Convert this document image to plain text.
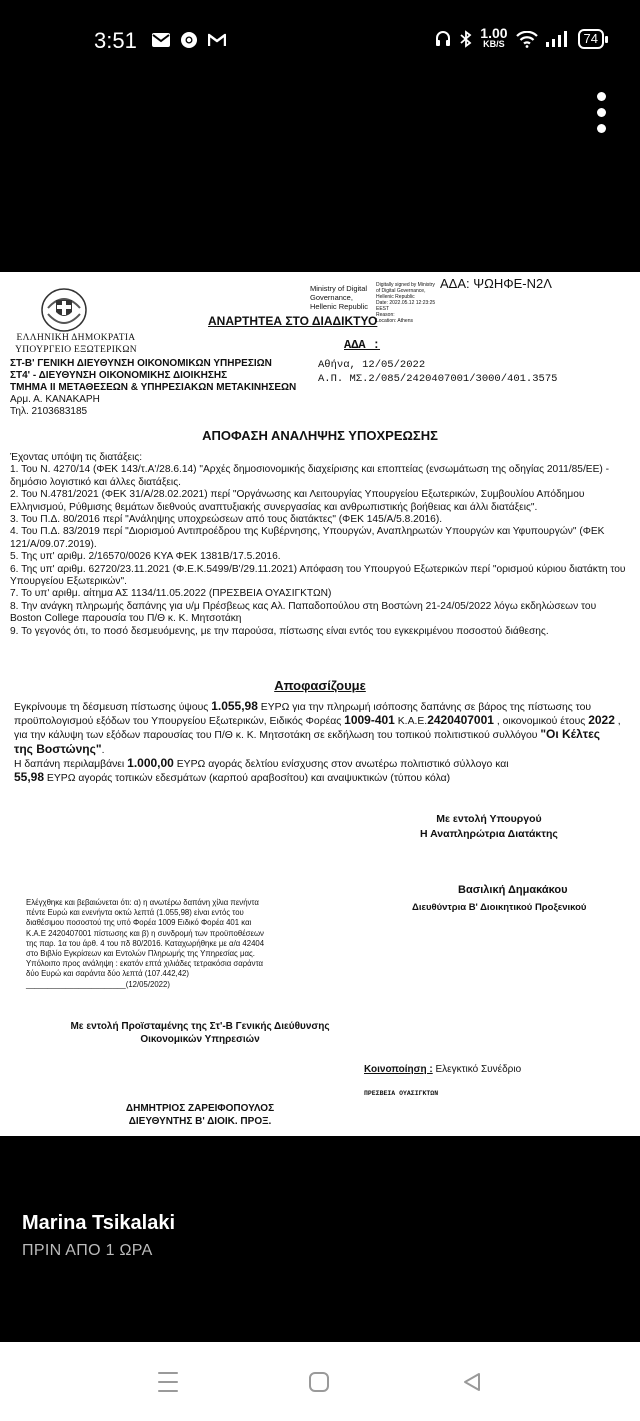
3:51	1.00
KB/S	74
ΑΔΑ: ΨΩΗΦΕ-Ν2Λ
ΕΛΛΗΝΙΚΗ ΔΗΜΟΚΡΑΤΙΑ
ΥΠΟΥΡΓΕΙΟ ΕΞΩΤΕΡΙΚΩΝ
Ministry of Digital
Governance,
Hellenic Republic
Digitally signed by Ministry
of Digital Governance,
Hellenic Republic
Date: 2022.05.12 12:23:25
EEST
Reason:
Location: Athens
ΑΝΑΡΤΗΤΕΑ ΣΤΟ ΔΙΑΔΙΚΤΥΟ
ΑΔΑ :
ΣΤ-Β' ΓΕΝΙΚΗ ΔΙΕΥΘΥΝΣΗ ΟΙΚΟΝΟΜΙΚΩΝ ΥΠΗΡΕΣΙΩΝ
ΣΤ4' - ΔΙΕΥΘΥΝΣΗ ΟΙΚΟΝΟΜΙΚΗΣ ΔΙΟΙΚΗΣΗΣ
ΤΜΗΜΑ ΙΙ ΜΕΤΑΘΕΣΕΩΝ & ΥΠΗΡΕΣΙΑΚΩΝ ΜΕΤΑΚΙΝΗΣΕΩΝ
Αρμ. Α. ΚΑΝΑΚΑΡΗ
Τηλ. 2103683185
Αθήνα, 12/05/2022
Α.Π. ΜΣ.2/085/2420407001/3000/401.3575
ΑΠΟΦΑΣΗ ΑΝΑΛΗΨΗΣ ΥΠΟΧΡΕΩΣΗΣ
Έχοντας υπόψη τις διατάξεις:
1. Του Ν. 4270/14 (ΦΕΚ 143/τ.Α'/28.6.14) "Αρχές δημοσιονομικής διαχείρισης και εποπτείας (ενσωμάτωση της οδηγίας 2011/85/ΕΕ) - δημόσιο λογιστικό και άλλες διατάξεις.
2. Του Ν.4781/2021 (ΦΕΚ 31/Α/28.02.2021) περί "Οργάνωσης και Λειτουργίας Υπουργείου Εξωτερικών, Συμβουλίου Απόδημου Ελληνισμού, Ρύθμισης θεμάτων διεθνούς αναπτυξιακής συνεργασίας και ανθρωπιστικής βοήθειας και άλλι διατάξεις".
3. Του Π.Δ. 80/2016 περί "Ανάληψης υποχρεώσεων από τους διατάκτες" (ΦΕΚ 145/Α/5.8.2016).
4. Του Π.Δ. 83/2019 περί "Διορισμού Αντιπροέδρου της Κυβέρνησης, Υπουργών, Αναπληρωτών Υπουργών και Υφυπουργών" (ΦΕΚ 121/Α/09.07.2019).
5. Της υπ' αριθμ. 2/16570/0026 ΚΥΑ ΦΕΚ 1381Β/17.5.2016.
6. Της υπ' αριθμ. 62720/23.11.2021 (Φ.Ε.Κ.5499/Β'/29.11.2021) Απόφαση του Υπουργού Εξωτερικών περί "ορισμού κύριου διατάκτη του Υπουργείου Εξωτερικών".
7. Το υπ' αριθμ. αίτημα ΑΣ 1134/11.05.2022 (ΠΡΕΣΒΕΙΑ ΟΥΑΣΙΓΚΤΩΝ)
8. Την ανάγκη πληρωμής δαπάνης για υ/μ Πρέσβεως κας Αλ. Παπαδοπούλου στη Βοστώνη 21-24/05/2022 λόγω εκδηλώσεων του Boston College παρουσία του Π/Θ κ. Κ. Μητσοτάκη
9. Το γεγονός ότι, το ποσό δεσμευόμενης, με την παρούσα, πίστωσης είναι εντός του εγκεκριμένου ποσοστού διάθεσης.
Αποφασίζουμε

Εγκρίνουμε τη δέσμευση πίστωσης ύψους 1.055,98 ΕΥΡΩ για την πληρωμή ισόποσης δαπάνης σε βάρος της πίστωσης του προϋπολογισμού εξόδων του Υπουργείου Εξωτερικών, Ειδικός Φορέας 1009-401 Κ.Α.Ε.2420407001 , οικονομικού έτους 2022 , για την κάλυψη των εξόδων παρουσίας του Π/Θ κ. Κ. Μητσοτάκη σε εκδήλωση του τοπικού πολιτιστικού συλλόγου "Οι Κέλτες της Βοστώνης".

Η δαπάνη περιλαμβάνει 1.000,00 ΕΥΡΩ αγοράς δελτίου ενίσχυσης στον ανωτέρω πολιτιστικό σύλλογο και
55,98 ΕΥΡΩ αγοράς τοπικών εδεσμάτων (καρπού αραβοσίτου) και αναψυκτικών (τύπου κόλα)

Με εντολή Υπουργού
Η Αναπληρώτρια Διατάκτης
Βασιλική Δημακάκου
Διευθύντρια Β' Διοικητικού Προξενικού
Ελέγχθηκε και βεβαιώνεται ότι: α) η ανωτέρω δαπάνη χίλια πενήντα
πέντε Ευρώ και ενενήντα οκτώ λεπτά (1.055,98) είναι εντός του
διαθέσιμου ποσοστού της υπό Φορέα 1009 Ειδικό Φορέα 401 και
Κ.Α.Ε 2420407001 πίστωσης και β) η συνδρομή των προϋποθέσεων
της παρ. 1α του άρθ. 4 του πδ 80/2016. Καταχωρήθηκε με α/α 42404
στο Βιβλίο Εγκρίσεων και Εντολών Πληρωμής της Υπηρεσίας μας.
Υπόλοιπο προς ανάληψη : εκατόν επτά χιλιάδες τετρακόσια σαράντα
δύο Ευρώ και σαράντα δύο λεπτά (107.442,42)
_______________________(12/05/2022)
Με εντολή Προϊσταμένης της Στ'-Β Γενικής Διεύθυνσης
Οικονομικών Υπηρεσιών
Κοινοποίηση : Ελεγκτικό Συνέδριο
ΠΡΕΣΒΕΙΑ ΟΥΑΣΙΓΚΤΩΝ
ΔΗΜΗΤΡΙΟΣ ΖΑΡΕΙΦΟΠΟΥΛΟΣ
ΔΙΕΥΘΥΝΤΗΣ Β' ΔΙΟΙΚ. ΠΡΟΞ.
Marina Tsikalaki
ΠΡΙΝ ΑΠΟ 1 ΩΡΑ
